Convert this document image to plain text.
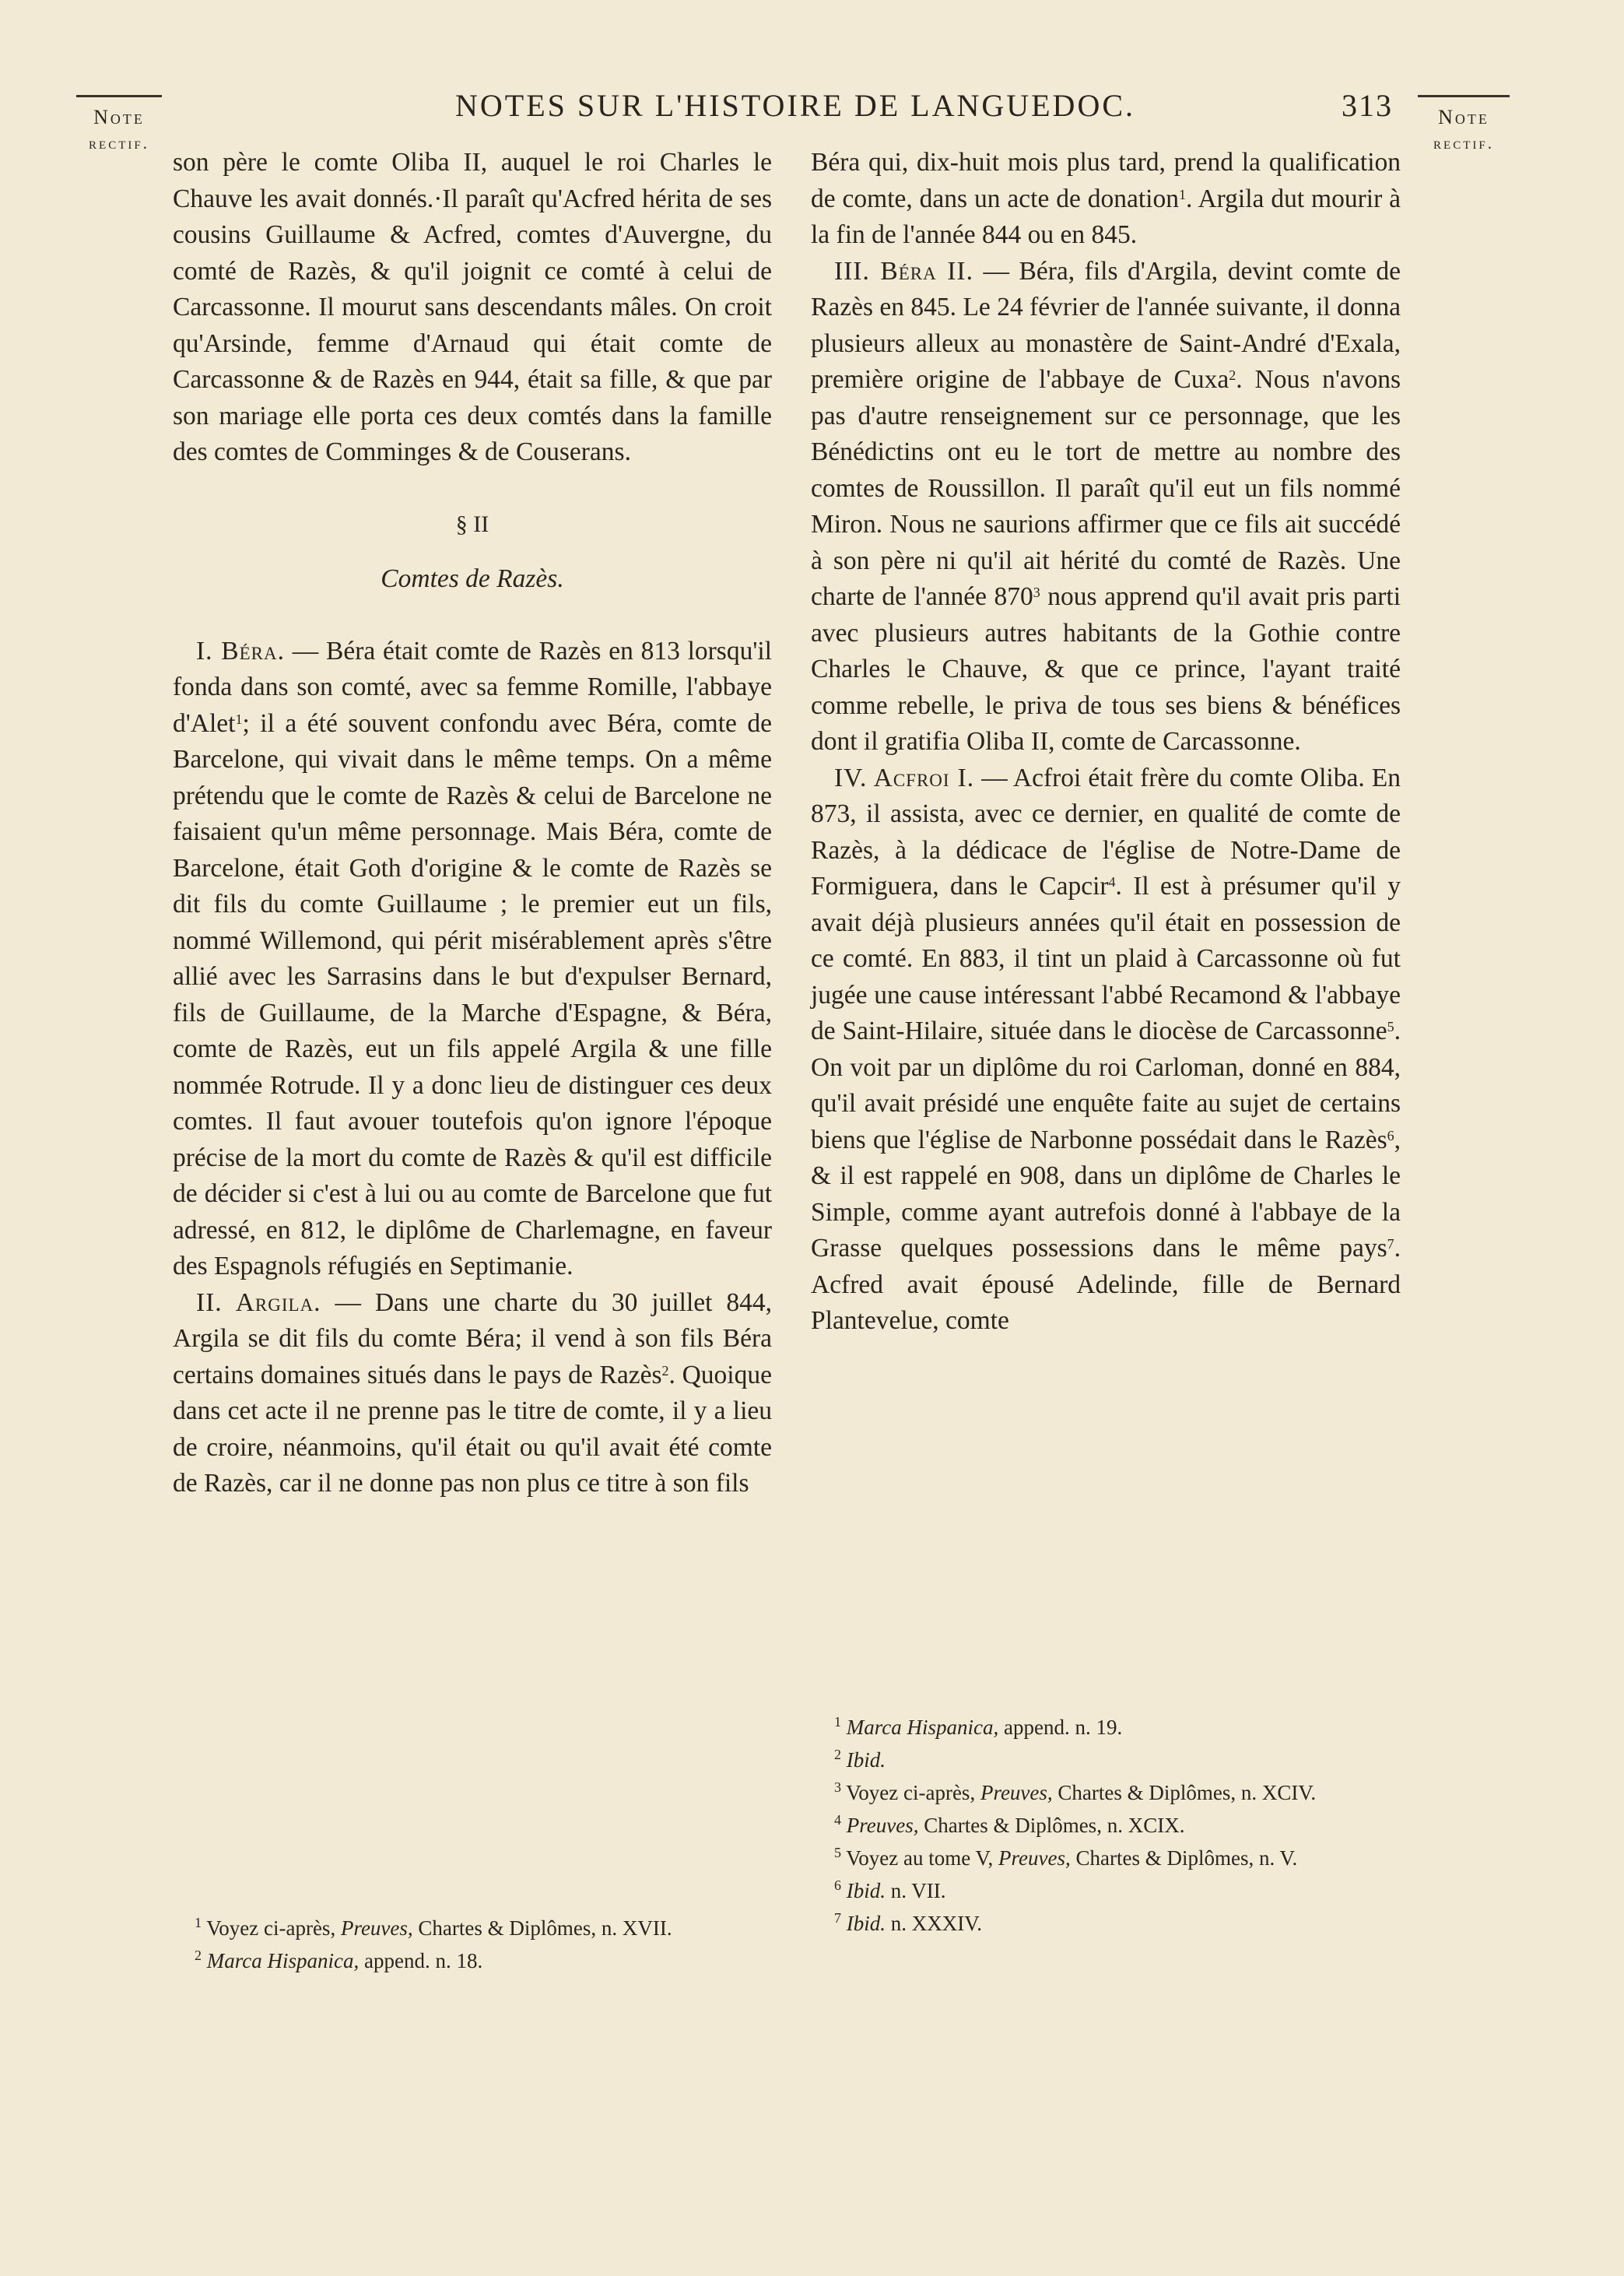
Note
rectif.
NOTES SUR L'HISTOIRE DE LANGUEDOC.	313	Note
rectif.

son père le comte Oliba II, auquel le roi Charles le Chauve les avait donnés.·Il paraît qu'Acfred hérita de ses cousins Guillaume & Acfred, comtes d'Auvergne, du comté de Razès, & qu'il joignit ce comté à celui de Carcassonne. Il mourut sans descendants mâles. On croit qu'Arsinde, femme d'Arnaud qui était comte de Carcassonne & de Razès en 944, était sa fille, & que par son mariage elle porta ces deux comtés dans la famille des comtes de Comminges & de Couserans.

§ II
Comtes de Razès.

I. Béra. — Béra était comte de Razès en 813 lorsqu'il fonda dans son comté, avec sa femme Romille, l'abbaye d'Alet$^1$; il a été souvent confondu avec Béra, comte de Barcelone, qui vivait dans le même temps. On a même prétendu que le comte de Razès & celui de Barcelone ne faisaient qu'un même personnage. Mais Béra, comte de Barcelone, était Goth d'origine & le comte de Razès se dit fils du comte Guillaume ; le premier eut un fils, nommé Willemond, qui périt misérablement après s'être allié avec les Sarrasins dans le but d'expulser Bernard, fils de Guillaume, de la Marche d'Espagne, & Béra, comte de Razès, eut un fils appelé Argila & une fille nommée Rotrude. Il y a donc lieu de distinguer ces deux comtes. Il faut avouer toutefois qu'on ignore l'époque précise de la mort du comte de Razès & qu'il est difficile de décider si c'est à lui ou au comte de Barcelone que fut adressé, en 812, le diplôme de Charlemagne, en faveur des Espagnols réfugiés en Septimanie.

II. Argila. — Dans une charte du 30 juillet 844, Argila se dit fils du comte Béra; il vend à son fils Béra certains domaines situés dans le pays de Razès$^2$. Quoique dans cet acte il ne prenne pas le titre de comte, il y a lieu de croire, néanmoins, qu'il était ou qu'il avait été comte de Razès, car il ne donne pas non plus ce titre à son fils

Béra qui, dix-huit mois plus tard, prend la qualification de comte, dans un acte de donation$^1$. Argila dut mourir à la fin de l'année 844 ou en 845.

III. Béra II. — Béra, fils d'Argila, devint comte de Razès en 845. Le 24 février de l'année suivante, il donna plusieurs alleux au monastère de Saint-André d'Exala, première origine de l'abbaye de Cuxa$^2$. Nous n'avons pas d'autre renseignement sur ce personnage, que les Bénédictins ont eu le tort de mettre au nombre des comtes de Roussillon. Il paraît qu'il eut un fils nommé Miron. Nous ne saurions affirmer que ce fils ait succédé à son père ni qu'il ait hérité du comté de Razès. Une charte de l'année $870^3$ nous apprend qu'il avait pris parti avec plusieurs autres habitants de la Gothie contre Charles le Chauve, & que ce prince, l'ayant traité comme rebelle, le priva de tous ses biens & bénéfices dont il gratifia Oliba II, comte de Carcassonne.

IV. Acfroi I. — Acfroi était frère du comte Oliba. En 873, il assista, avec ce dernier, en qualité de comte de Razès, à la dédicace de l'église de Notre-Dame de Formiguera, dans le Capcir$^4$. Il est à présumer qu'il y avait déjà plusieurs années qu'il était en possession de ce comté. En 883, il tint un plaid à Carcassonne où fut jugée une cause intéressant l'abbé Recamond & l'abbaye de Saint-Hilaire, située dans le diocèse de Carcassonne$^5$. On voit par un diplôme du roi Carloman, donné en 884, qu'il avait présidé une enquête faite au sujet de certains biens que l'église de Narbonne possédait dans le Razès$^6$, & il est rappelé en 908, dans un diplôme de Charles le Simple, comme ayant autrefois donné à l'abbaye de la Grasse quelques possessions dans le même pays$^7$. Acfred avait épousé Adelinde, fille de Bernard Plantevelue, comte

$^1$ Voyez ci-après, Preuves, Chartes & Diplômes, n. XVII.

$^2$ Marca Hispanica, append. n. 18.

$^1$ Marca Hispanica, append. n. 19.

$^2$ Ibid.

$^3$ Voyez ci-après, Preuves, Chartes & Diplômes, n. XCIV.

$^4$ Preuves, Chartes & Diplômes, n. XCIX.

$^5$ Voyez au tome V, Preuves, Chartes & Diplômes, n. V.

$^6$ Ibid. n. VII.

$^7$ Ibid. n. XXXIV.
